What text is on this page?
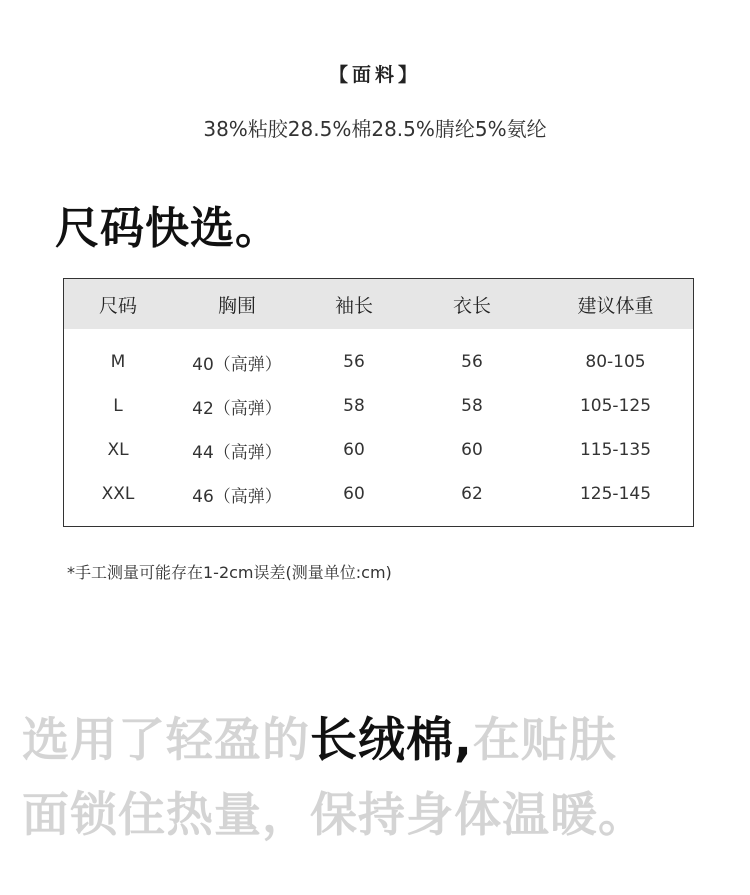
【面料】
38%粘胶28.5%棉28.5%腈纶5%氨纶
尺码快选。
尺码	胸围	袖长	衣长	建议体重
M	40（高弹）	56	56	80-105
L	42（高弹）	58	58	105-125
XL	44（高弹）	60	60	115-135
XXL	46（高弹）	60	62	125-145
*手工测量可能存在1-2cm误差(测量单位:cm)
选用了轻盈的长绒棉,在贴肤
面锁住热量，保持身体温暖。
